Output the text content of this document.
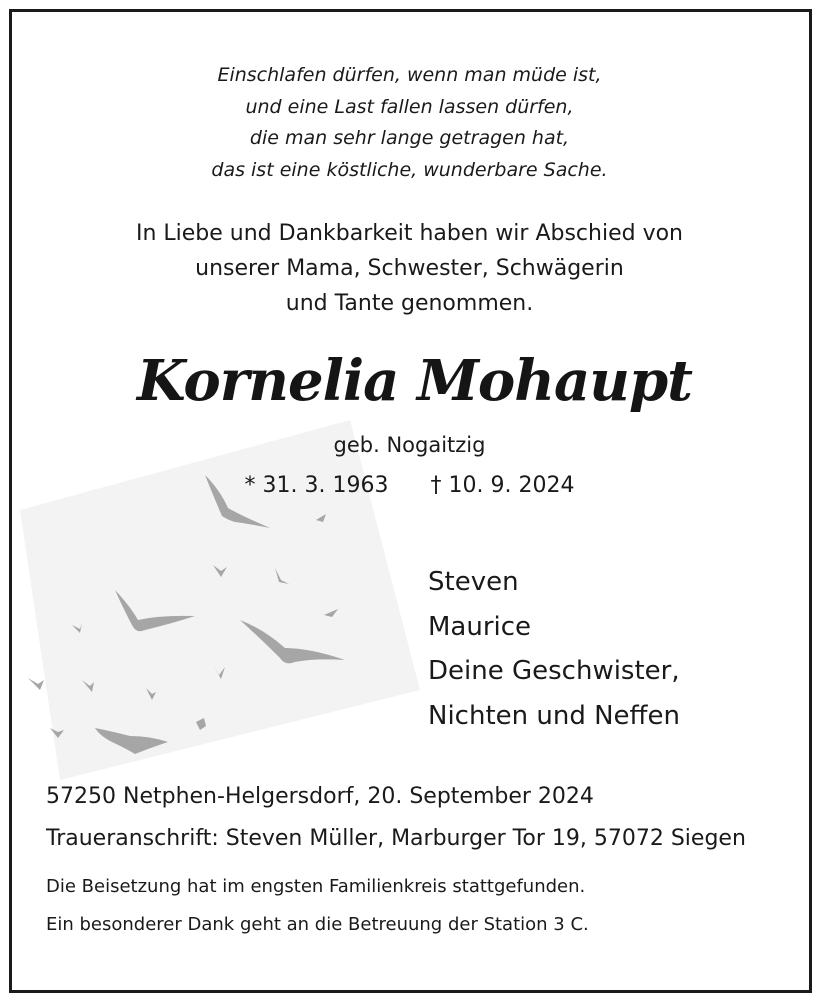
Einschlafen dürfen, wenn man müde ist,
und eine Last fallen lassen dürfen,
die man sehr lange getragen hat,
das ist eine köstliche, wunderbare Sache.
In Liebe und Dankbarkeit haben wir Abschied von
unserer Mama, Schwester, Schwägerin
und Tante genommen.
Kornelia Mohaupt
geb. Nogaitzig
* 31. 3. 1963 † 10. 9. 2024
Steven
Maurice
Deine Geschwister,
Nichten und Neffen
57250 Netphen-Helgersdorf, 20. September 2024
Traueranschrift: Steven Müller, Marburger Tor 19, 57072 Siegen
Die Beisetzung hat im engsten Familienkreis stattgefunden.
Ein besonderer Dank geht an die Betreuung der Station 3 C.
